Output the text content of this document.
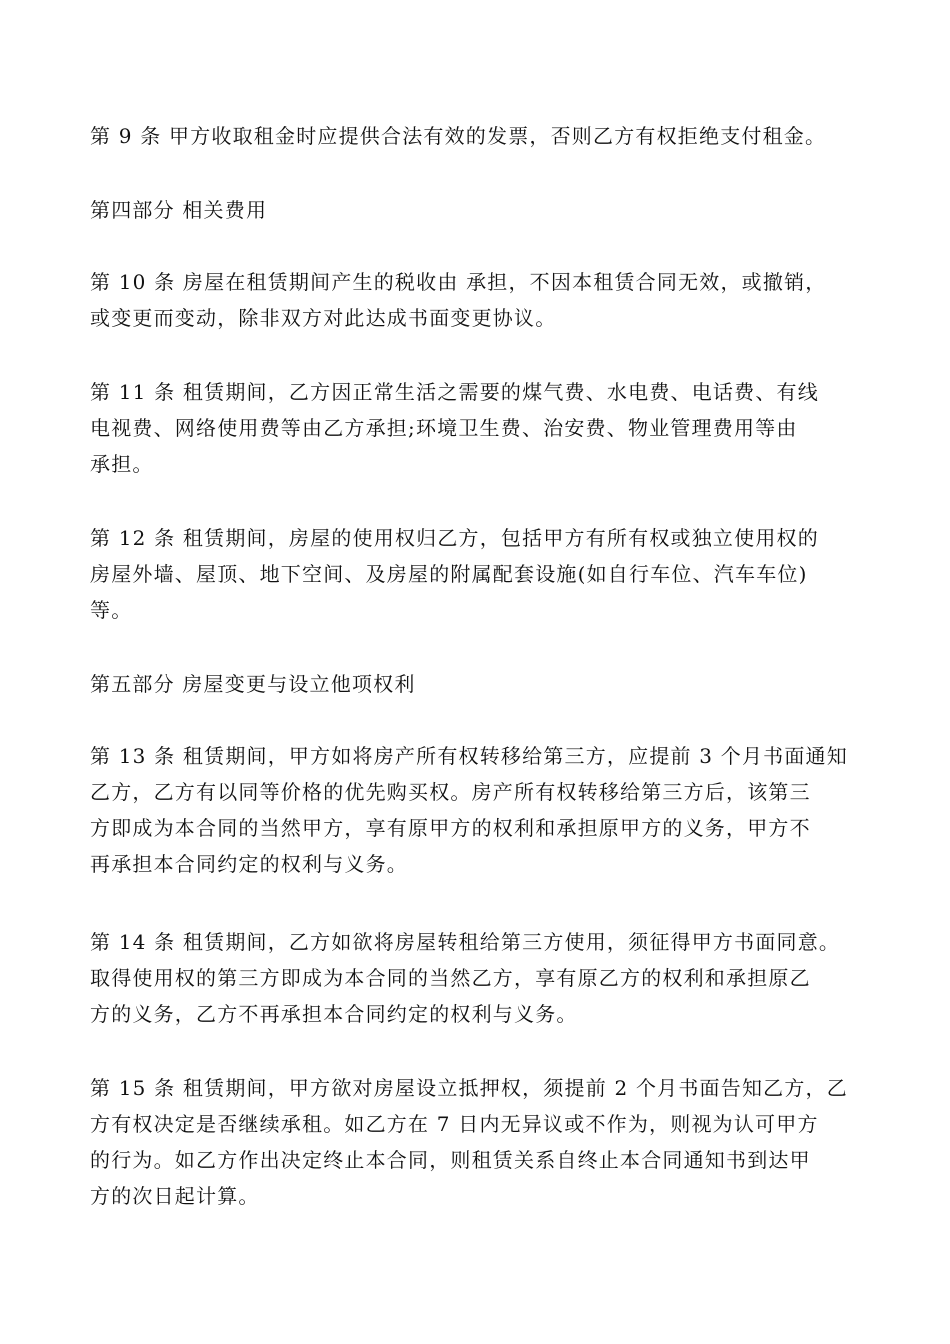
第 9 条 甲方收取租金时应提供合法有效的发票，否则乙方有权拒绝支付租金。
第四部分 相关费用
第 10 条 房屋在租赁期间产生的税收由 承担，不因本租赁合同无效，或撤销，
或变更而变动，除非双方对此达成书面变更协议。
第 11 条 租赁期间，乙方因正常生活之需要的煤气费、水电费、电话费、有线
电视费、网络使用费等由乙方承担;环境卫生费、治安费、物业管理费用等由
承担。
第 12 条 租赁期间，房屋的使用权归乙方，包括甲方有所有权或独立使用权的
房屋外墙、屋顶、地下空间、及房屋的附属配套设施(如自行车位、汽车车位)
等。
第五部分 房屋变更与设立他项权利
第 13 条 租赁期间，甲方如将房产所有权转移给第三方，应提前 3 个月书面通知
乙方，乙方有以同等价格的优先购买权。房产所有权转移给第三方后，该第三
方即成为本合同的当然甲方，享有原甲方的权利和承担原甲方的义务，甲方不
再承担本合同约定的权利与义务。
第 14 条 租赁期间，乙方如欲将房屋转租给第三方使用，须征得甲方书面同意。
取得使用权的第三方即成为本合同的当然乙方，享有原乙方的权利和承担原乙
方的义务，乙方不再承担本合同约定的权利与义务。
第 15 条 租赁期间，甲方欲对房屋设立抵押权，须提前 2 个月书面告知乙方，乙
方有权决定是否继续承租。如乙方在 7 日内无异议或不作为，则视为认可甲方
的行为。如乙方作出决定终止本合同，则租赁关系自终止本合同通知书到达甲
方的次日起计算。
